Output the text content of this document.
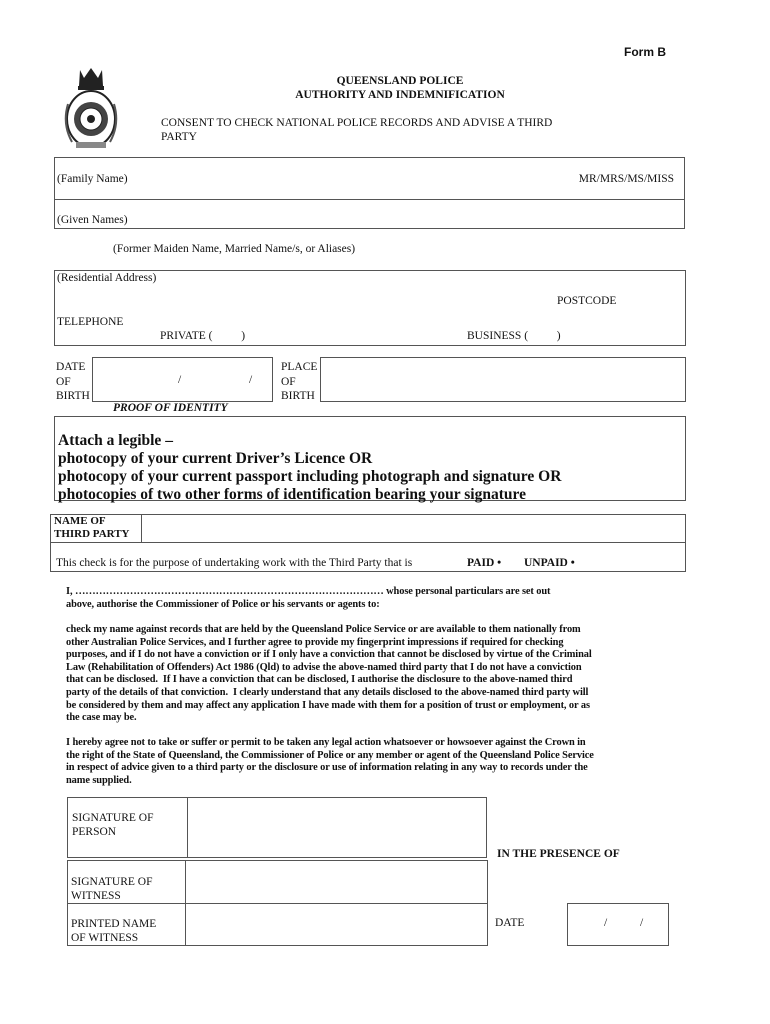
Form B
QUEENSLAND POLICE
AUTHORITY AND INDEMNIFICATION
CONSENT TO CHECK NATIONAL POLICE RECORDS AND ADVISE A THIRD
PARTY
(Family Name)	MR/MRS/MS/MISS
(Given Names)
(Former Maiden Name, Married Name/s, or Aliases)
(Residential Address)
POSTCODE
TELEPHONE
PRIVATE (          )	BUSINESS (          )
DATE
OF
BIRTH
/	/
PLACE
OF
BIRTH
PROOF OF IDENTITY
Attach a legible –
photocopy of your current Driver’s Licence OR
photocopy of your current passport including photograph and signature OR
photocopies of two other forms of identification bearing your signature
NAME OF
THIRD PARTY
This check is for the purpose of undertaking work with the Third Party that is	PAID • UNPAID •
I, ……………………………………………………………………………… whose personal particulars are set out
above, authorise the Commissioner of Police or his servants or agents to:
check my name against records that are held by the Queensland Police Service or are available to them nationally from
other Australian Police Services, and I further agree to provide my fingerprint impressions if required for checking
purposes, and if I do not have a conviction or if I only have a conviction that cannot be disclosed by virtue of the Criminal
Law (Rehabilitation of Offenders) Act 1986 (Qld) to advise the above-named third party that I do not have a conviction
that can be disclosed.  If I have a conviction that can be disclosed, I authorise the disclosure to the above-named third
party of the details of that conviction.  I clearly understand that any details disclosed to the above-named third party will
be considered by them and may affect any application I have made with them for a position of trust or employment, or as
the case may be.
I hereby agree not to take or suffer or permit to be taken any legal action whatsoever or howsoever against the Crown in
the right of the State of Queensland, the Commissioner of Police or any member or agent of the Queensland Police Service
in respect of advice given to a third party or the disclosure or use of information relating in any way to records under the
name supplied.
SIGNATURE OF
PERSON
IN THE PRESENCE OF
SIGNATURE OF
WITNESS
PRINTED NAME
OF WITNESS
DATE	/	/
